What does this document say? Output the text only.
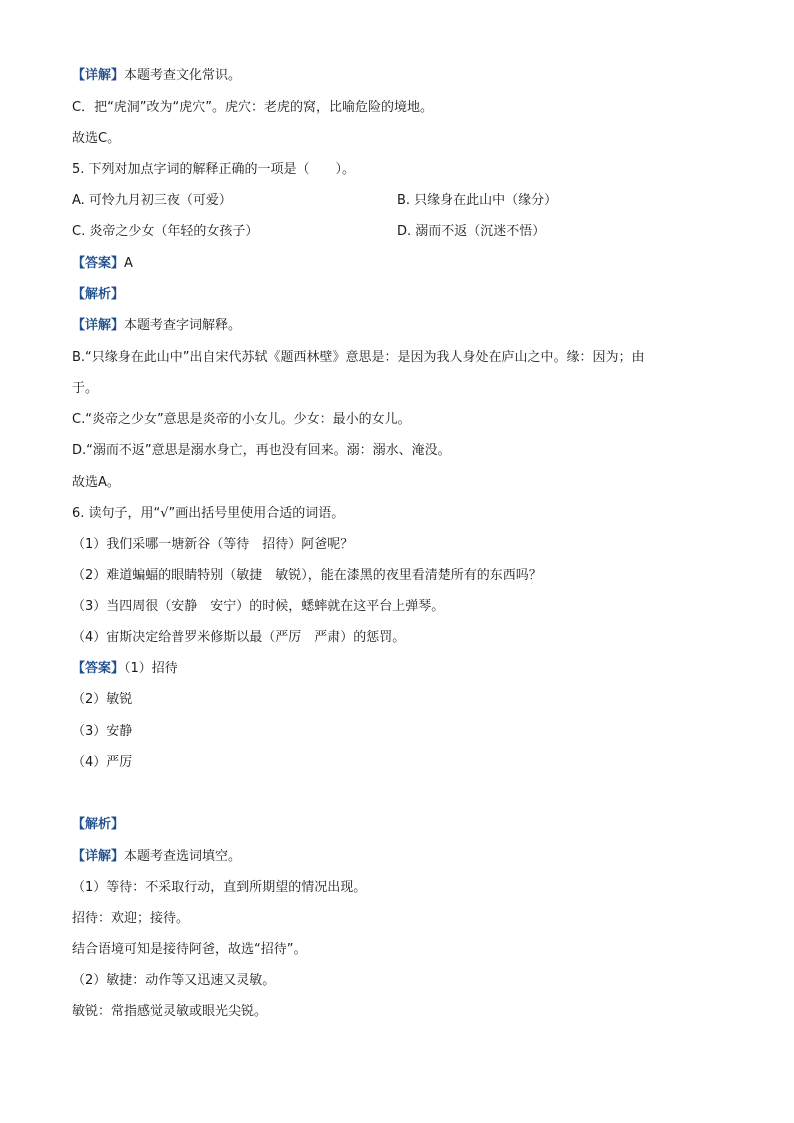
【详解】本题考查文化常识。
C．把“虎洞”改为“虎穴”。虎穴：老虎的窝，比喻危险的境地。
故选C。
5. 下列对加点字词的解释正确的一项是（　　）。
A. 可怜九月初三夜（可爱）	B. 只缘身在此山中（缘分）
C. 炎帝之少女（年轻的女孩子）	D. 溺而不返（沉迷不悟）
【答案】A
【解析】
【详解】本题考查字词解释。
B.“只缘身在此山中”出自宋代苏轼《题西林壁》意思是：是因为我人身处在庐山之中。缘：因为；由
于。
C.“炎帝之少女”意思是炎帝的小女儿。少女：最小的女儿。
D.“溺而不返”意思是溺水身亡，再也没有回来。溺：溺水、淹没。
故选A。
6. 读句子，用“√”画出括号里使用合适的词语。
（1）我们采哪一塘新谷（等待　招待）阿爸呢？
（2）难道蝙蝠的眼睛特别（敏捷　敏锐），能在漆黑的夜里看清楚所有的东西吗？
（3）当四周很（安静　安宁）的时候，蟋蟀就在这平台上弹琴。
（4）宙斯决定给普罗米修斯以最（严厉　严肃）的惩罚。
【答案】（1）招待
（2）敏锐
（3）安静
（4）严厉
【解析】
【详解】本题考查选词填空。
（1）等待：不采取行动，直到所期望的情况出现。
招待：欢迎；接待。
结合语境可知是接待阿爸，故选“招待”。
（2）敏捷：动作等又迅速又灵敏。
敏锐：常指感觉灵敏或眼光尖锐。
